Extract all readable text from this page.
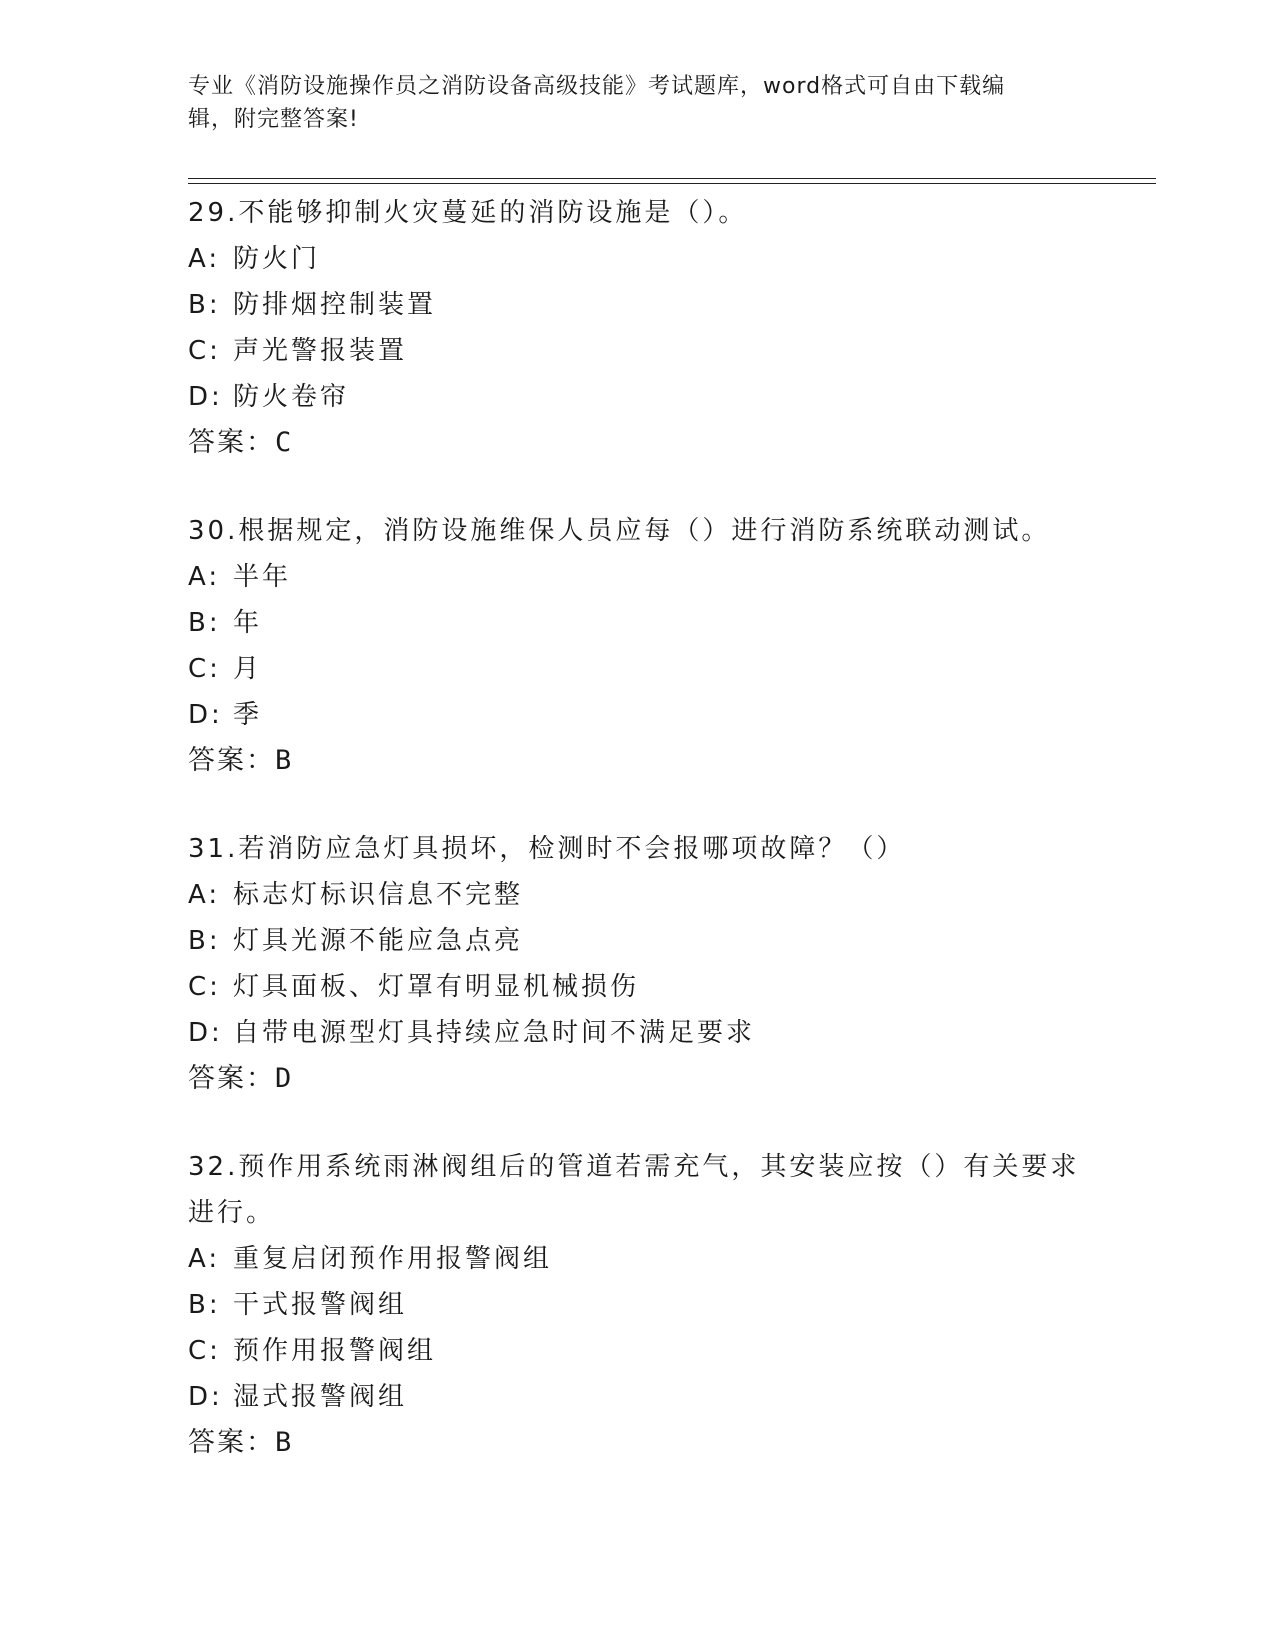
专业《消防设施操作员之消防设备高级技能》考试题库，word格式可自由下载编
辑，附完整答案!
29.不能够抑制火灾蔓延的消防设施是（）。
A: 防火门
B: 防排烟控制装置
C: 声光警报装置
D: 防火卷帘
答案：C
30.根据规定，消防设施维保人员应每（）进行消防系统联动测试。
A: 半年
B: 年
C: 月
D: 季
答案：B
31.若消防应急灯具损坏，检测时不会报哪项故障？（）
A: 标志灯标识信息不完整
B: 灯具光源不能应急点亮
C: 灯具面板、灯罩有明显机械损伤
D: 自带电源型灯具持续应急时间不满足要求
答案：D
32.预作用系统雨淋阀组后的管道若需充气，其安装应按（）有关要求
进行。
A: 重复启闭预作用报警阀组
B: 干式报警阀组
C: 预作用报警阀组
D: 湿式报警阀组
答案：B
